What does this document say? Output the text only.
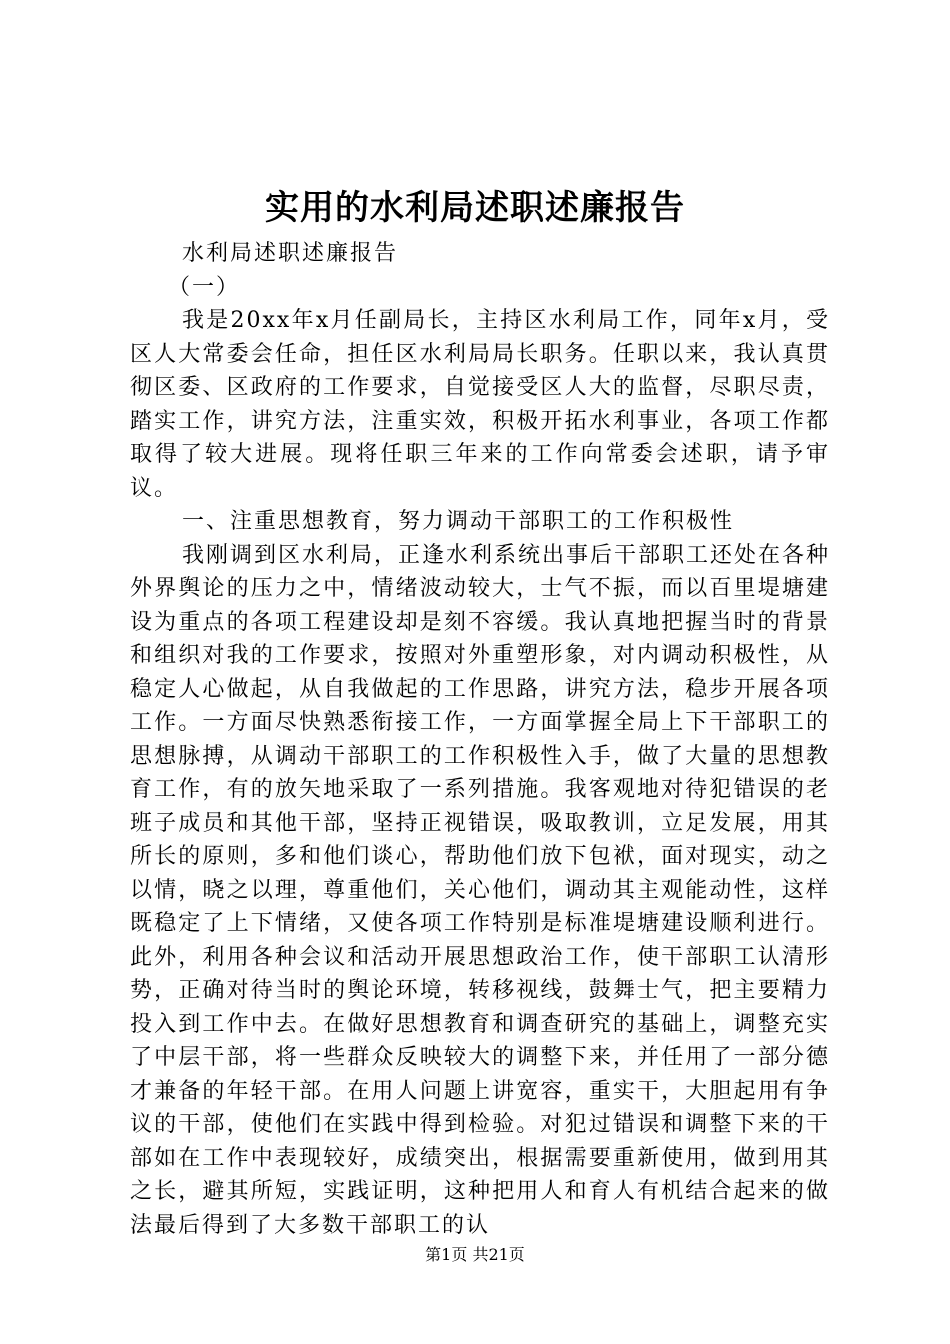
实用的水利局述职述廉报告

水利局述职述廉报告

（一）

我是20xx年x月任副局长，主持区水利局工作，同年x月，受区人大常委会任命，担任区水利局局长职务。任职以来，我认真贯彻区委、区政府的工作要求，自觉接受区人大的监督，尽职尽责，踏实工作，讲究方法，注重实效，积极开拓水利事业，各项工作都取得了较大进展。现将任职三年来的工作向常委会述职，请予审议。

一、注重思想教育，努力调动干部职工的工作积极性

我刚调到区水利局，正逢水利系统出事后干部职工还处在各种外界舆论的压力之中，情绪波动较大，士气不振，而以百里堤塘建设为重点的各项工程建设却是刻不容缓。我认真地把握当时的背景和组织对我的工作要求，按照对外重塑形象，对内调动积极性，从稳定人心做起，从自我做起的工作思路，讲究方法，稳步开展各项工作。一方面尽快熟悉衔接工作，一方面掌握全局上下干部职工的思想脉搏，从调动干部职工的工作积极性入手，做了大量的思想教育工作，有的放矢地采取了一系列措施。我客观地对待犯错误的老班子成员和其他干部，坚持正视错误，吸取教训，立足发展，用其所长的原则，多和他们谈心，帮助他们放下包袱，面对现实，动之以情，晓之以理，尊重他们，关心他们，调动其主观能动性，这样既稳定了上下情绪，又使各项工作特别是标准堤塘建设顺利进行。此外，利用各种会议和活动开展思想政治工作，使干部职工认清形势，正确对待当时的舆论环境，转移视线，鼓舞士气，把主要精力投入到工作中去。在做好思想教育和调查研究的基础上，调整充实了中层干部，将一些群众反映较大的调整下来，并任用了一部分德才兼备的年轻干部。在用人问题上讲宽容，重实干，大胆起用有争议的干部，使他们在实践中得到检验。对犯过错误和调整下来的干部如在工作中表现较好，成绩突出，根据需要重新使用，做到用其之长，避其所短，实践证明，这种把用人和育人有机结合起来的做法最后得到了大多数干部职工的认

第1页 共21页
